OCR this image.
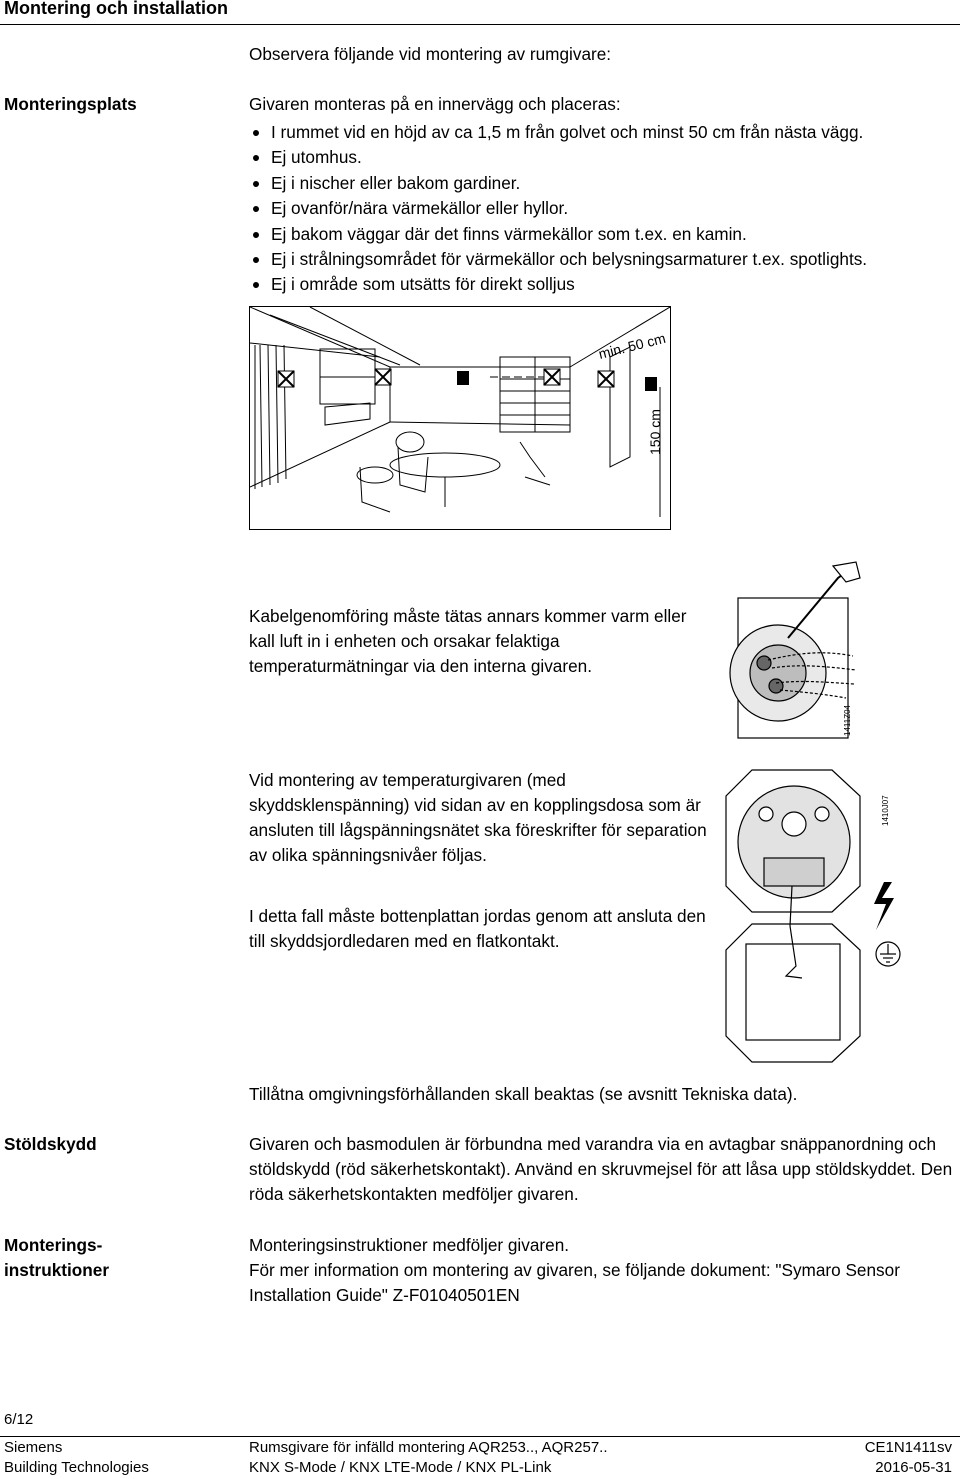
Montering och installation
Observera följande vid montering av rumgivare:
Monteringsplats	Givaren monteras på en innervägg och placeras:
I rummet vid en höjd av ca 1,5 m från golvet och minst 50 cm från nästa vägg.
Ej utomhus.
Ej i nischer eller bakom gardiner.
Ej ovanför/nära värmekällor eller hyllor.
Ej bakom väggar där det finns värmekällor som t.ex. en kamin.
Ej i strålningsområdet för värmekällor och belysningsarmaturer t.ex. spotlights.
Ej i område som utsätts för direkt solljus
min. 50 cm
150 cm
Kabelgenomföring måste tätas annars kommer varm eller kall luft in i enheten och orsakar felaktiga temperaturmätningar via den interna givaren.
1411Z04
Vid montering av temperaturgivaren (med skyddsklenspänning) vid sidan av en kopplingsdosa som är ansluten till lågspänningsnätet ska föreskrifter för separation av olika spänningsnivåer följas.
I detta fall måste bottenplattan jordas genom att ansluta den till skyddsjordledaren med en flatkontakt.
1410J07
Tillåtna omgivningsförhållanden skall beaktas (se avsnitt Tekniska data).
Stöldskydd	Givaren och basmodulen är förbundna med varandra via en avtagbar snäppanordning och stöldskydd (röd säkerhetskontakt). Använd en skruvmejsel för att låsa upp stöldskyddet. Den röda säkerhetskontakten medföljer givaren.
Monterings-
instruktioner
Monteringsinstruktioner medföljer givaren.
För mer information om montering av givaren, se följande dokument: "Symaro Sensor Installation Guide" Z-F01040501EN
6/12
Siemens
Building Technologies
Rumsgivare för infälld montering AQR253.., AQR257..
KNX S-Mode / KNX LTE-Mode / KNX PL-Link
CE1N1411sv
2016-05-31
